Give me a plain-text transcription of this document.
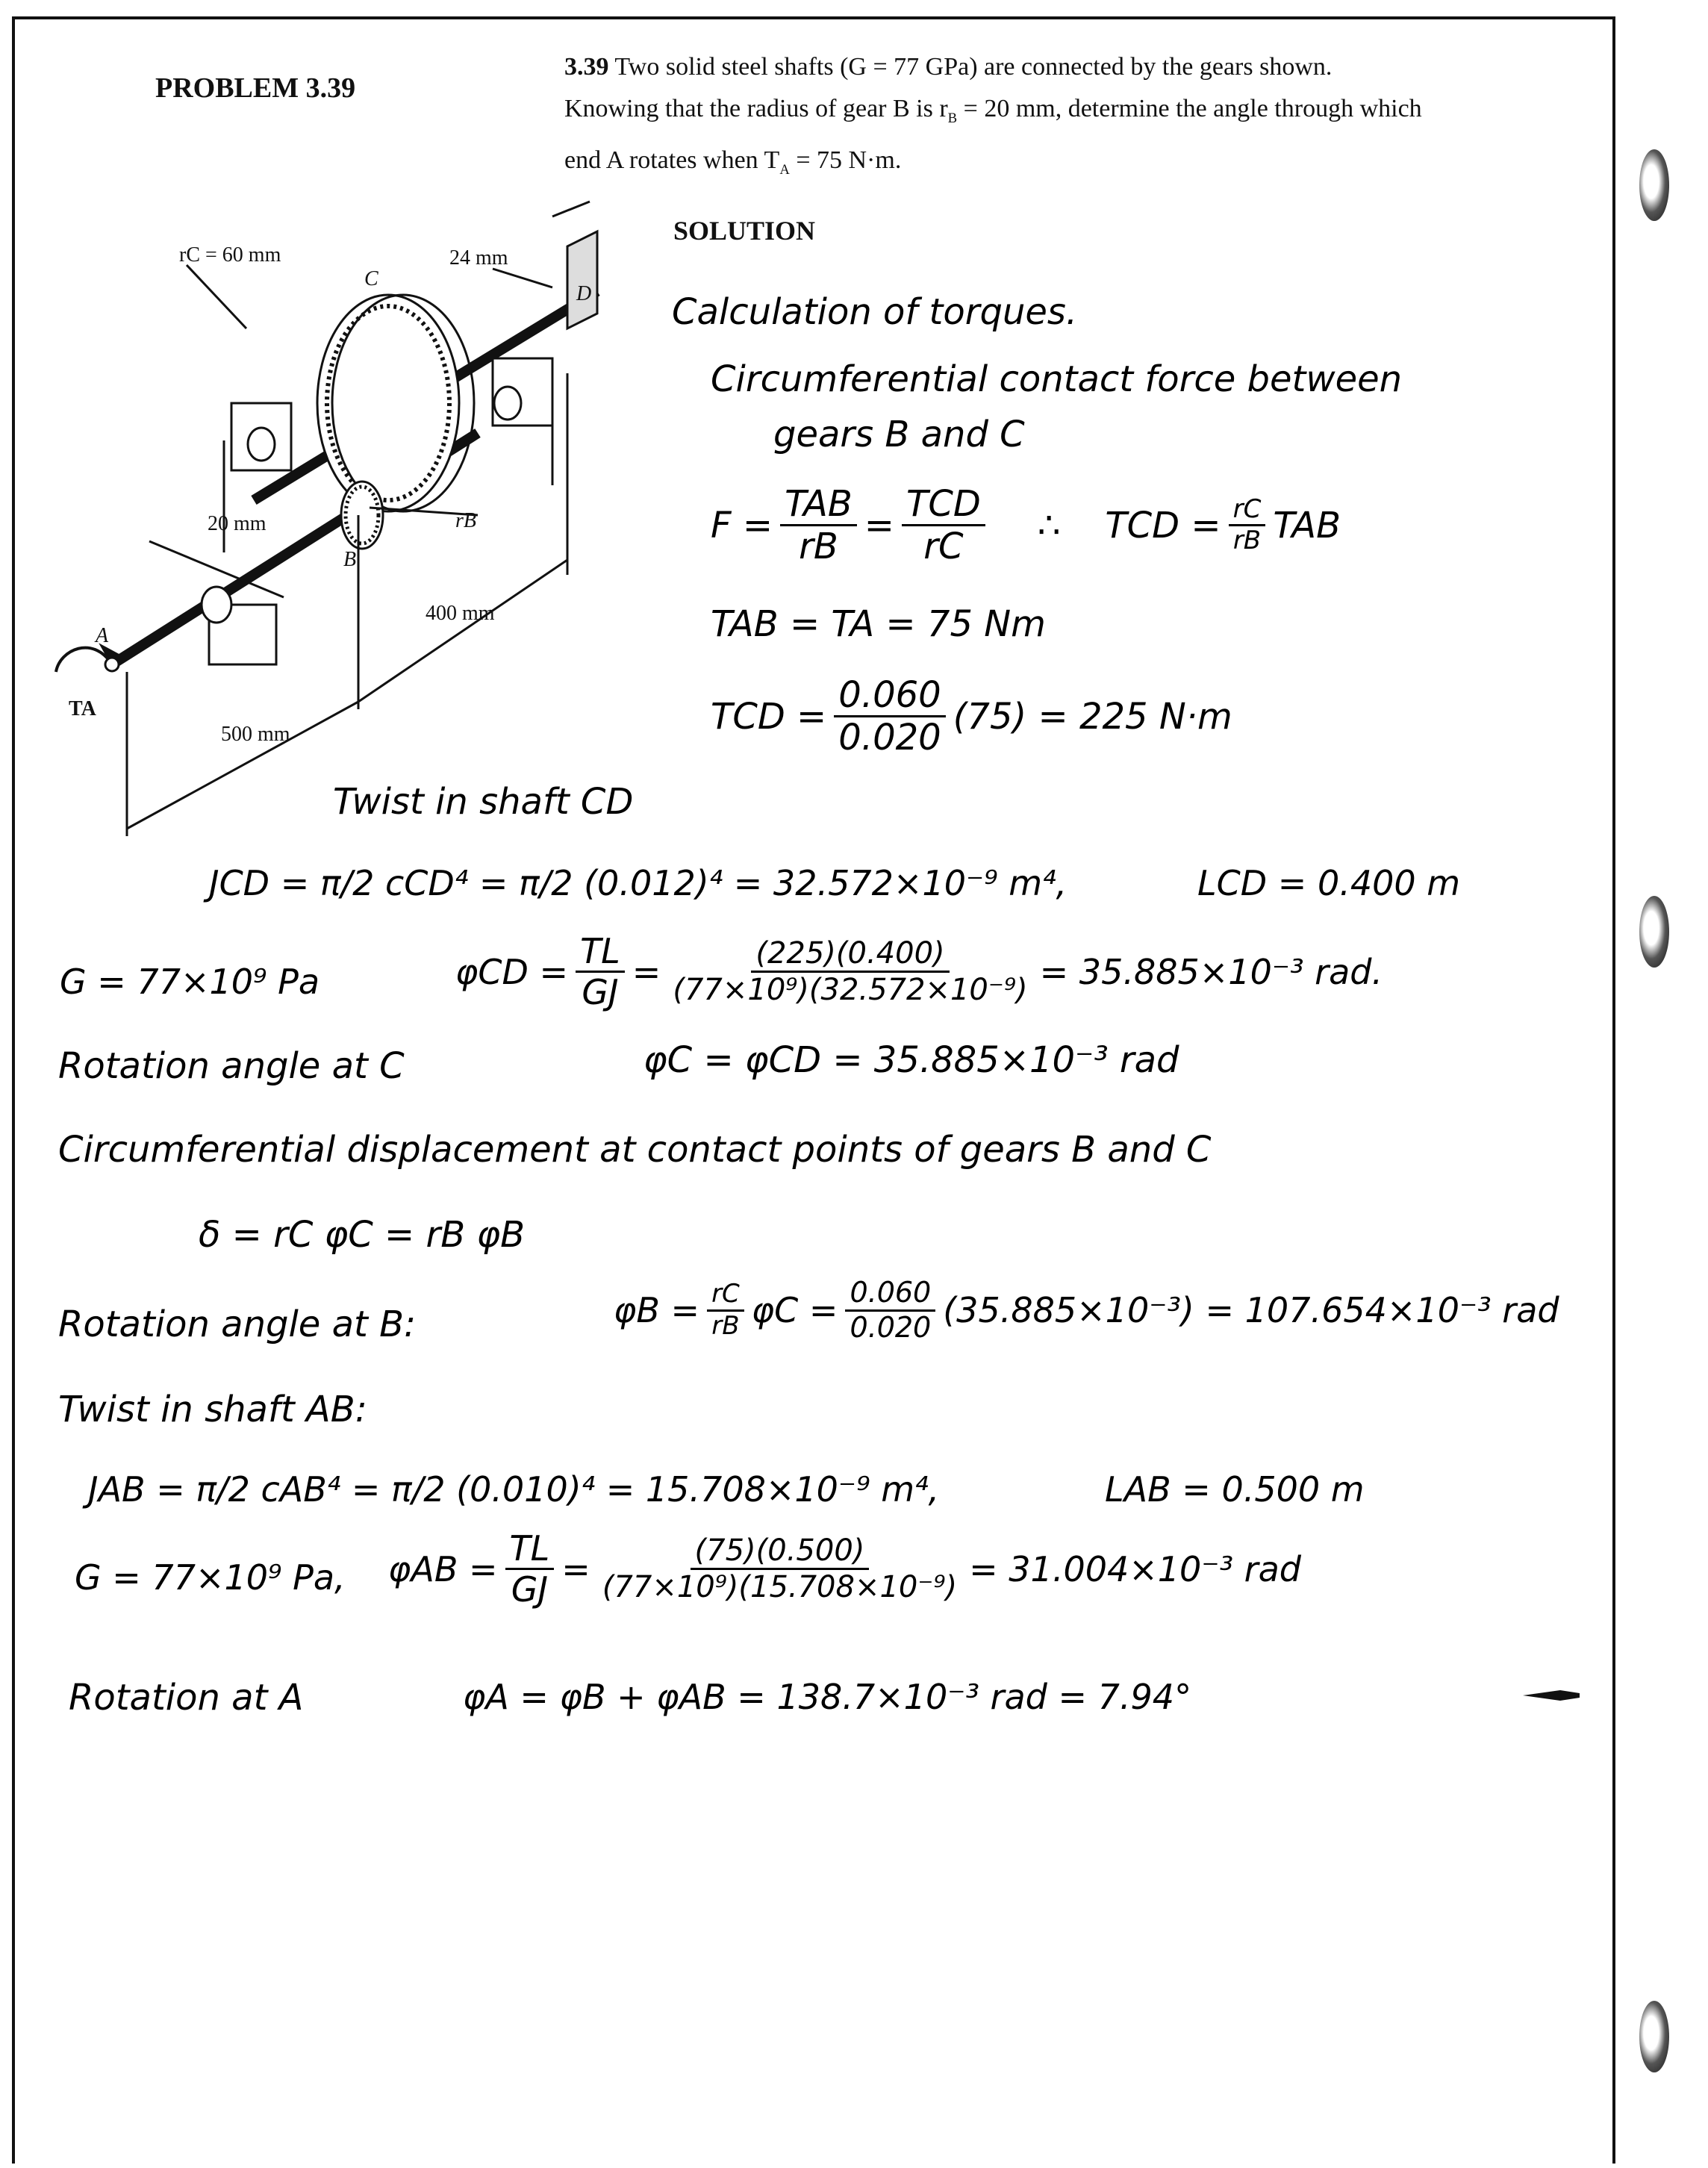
PROBLEM 3.39
3.39 Two solid steel shafts (G = 77 GPa) are connected by the gears shown.
Knowing that the radius of gear B is $r_B = 20$ mm, determine the angle through which
end A rotates when $T_A = 75$ N·m.
rC = 60 mm
C
24 mm
D
20 mm	rB
B
400 mm
A
TA
500 mm
SOLUTION
Calculation of torques.
Circumferential contact force between
gears B and C
$F = \frac{\text{TAB}}{rB} = \frac{\text{TCD}}{rC}$ ∴ TCD = $\frac{rC}{rB}$ TAB
TAB = TA = 75 Nm
TCD = $\frac{0.060}{0.020} (75) = 225$ N·m
Twist in shaft CD
JCD = π/2 cCD⁴ = π/2 (0.012)⁴ = 32.572×10⁻⁹ m⁴,	LCD = 0.400 m
G = 77×10⁹ Pa	$\varphi CD = \frac{TL}{GJ} = \frac{(225)(0.400)}{\text{(77×10⁹)(32.572×10⁻⁹)}} = 35.885\times 10^{-3}$ rad.
Rotation angle at C	φC = φCD = 35.885×10⁻³ rad
Circumferential displacement at contact points of gears B and C
δ = rC φC = rB φB
Rotation angle at B:	$\varphi B = \frac{rC}{rB}$ $\varphi C = \frac{0.060}{0.020} (35.885\times 10^{-3}) = 107.654\times 10^{-3}$ rad
Twist in shaft AB:
JAB = π/2 cAB⁴ = π/2 (0.010)⁴ = 15.708×10⁻⁹ m⁴,	LAB = 0.500 m
G = 77×10⁹ Pa, $\varphi AB = \frac{TL}{GJ} = \frac{(75)(0.500)}{\text{(77×10⁹)(15.708×10⁻⁹)}} = 31.004\times 10^{-3}$ rad
Rotation at A	φA = φB + φAB = 138.7×10⁻³ rad = 7.94°
